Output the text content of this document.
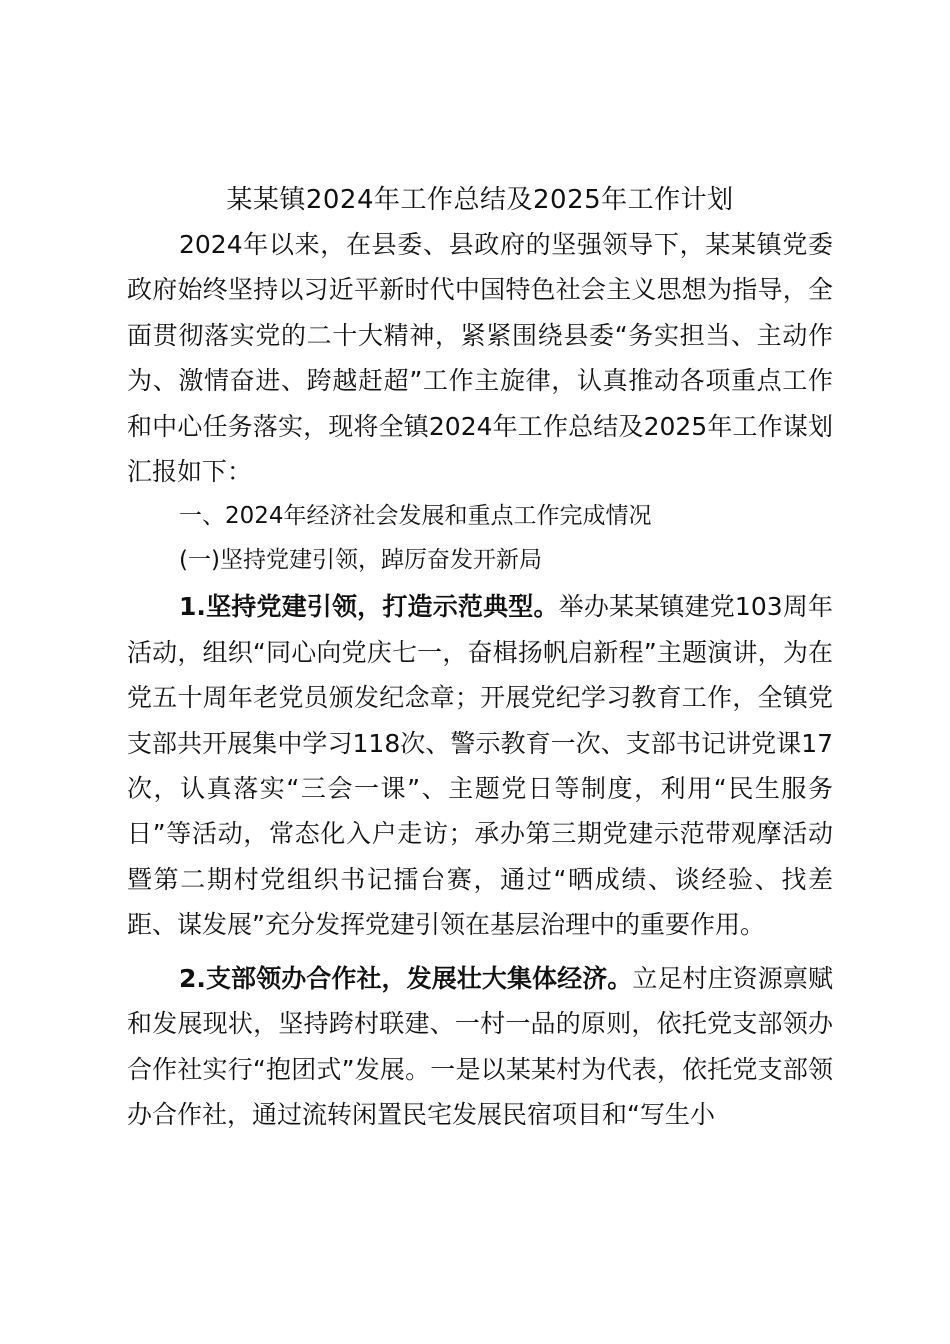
某某镇2024年工作总结及2025年工作计划

2024年以来，在县委、县政府的坚强领导下，某某镇党委政府始终坚持以习近平新时代中国特色社会主义思想为指导，全面贯彻落实党的二十大精神，紧紧围绕县委“务实担当、主动作为、激情奋进、跨越赶超”工作主旋律，认真推动各项重点工作和中心任务落实，现将全镇2024年工作总结及2025年工作谋划汇报如下：

一、2024年经济社会发展和重点工作完成情况

(一)坚持党建引领，踔厉奋发开新局

1.坚持党建引领，打造示范典型。举办某某镇建党103周年活动，组织“同心向党庆七一，奋楫扬帆启新程”主题演讲，为在党五十周年老党员颁发纪念章；开展党纪学习教育工作，全镇党支部共开展集中学习118次、警示教育一次、支部书记讲党课17次，认真落实“三会一课”、主题党日等制度，利用“民生服务日”等活动，常态化入户走访；承办第三期党建示范带观摩活动暨第二期村党组织书记擂台赛，通过“晒成绩、谈经验、找差距、谋发展”充分发挥党建引领在基层治理中的重要作用。

2.支部领办合作社，发展壮大集体经济。立足村庄资源禀赋和发展现状，坚持跨村联建、一村一品的原则，依托党支部领办合作社实行“抱团式”发展。一是以某某村为代表，依托党支部领办合作社，通过流转闲置民宅发展民宿项目和“写生小
